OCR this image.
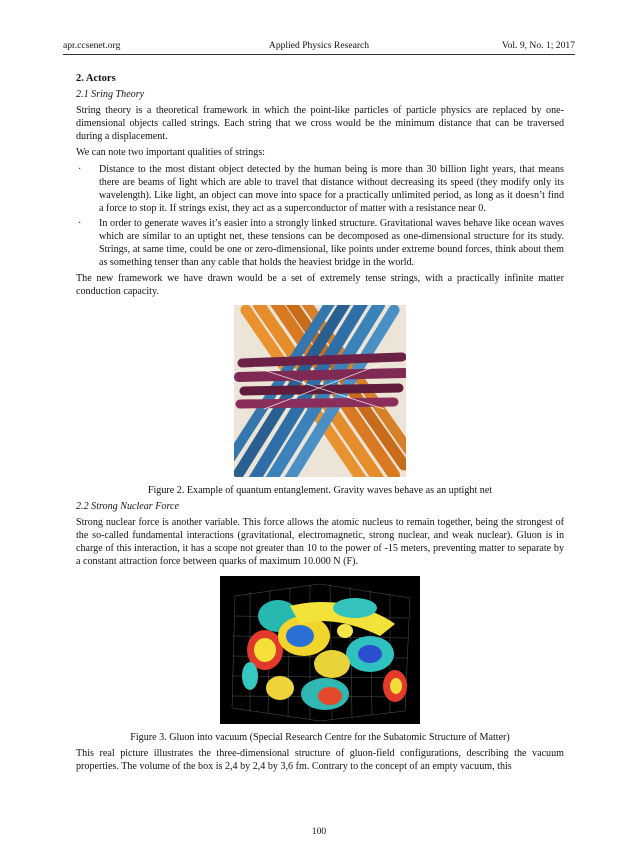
apr.ccsenet.org	Applied Physics Research	Vol. 9, No. 1; 2017
2. Actors
2.1 Sring Theory

String theory is a theoretical framework in which the point-like particles of particle physics are replaced by one-dimensional objects called strings. Each string that we cross would be the minimum distance that can be traversed during a displacement.

We can note two important qualities of strings:

· Distance to the most distant object detected by the human being is more than 30 billion light years, that means there are beams of light which are able to travel that distance without decreasing its speed (they modify only its wavelength). Like light, an object can move into space for a practically unlimited period, as long as it doesn’t find a force to stop it. If strings exist, they act as a superconductor of matter with a resistance near 0.
· In order to generate waves it’s easier into a strongly linked structure. Gravitational waves behave like ocean waves which are similar to an uptight net, these tensions can be decomposed as one-dimensional structure for its study. Strings, at same time, could be one or zero-dimensional, like points under extreme bound forces, think about them as something tenser than any cable that holds the heaviest bridge in the world.

The new framework we have drawn would be a set of extremely tense strings, with a practically infinite matter conduction capacity.

Figure 2. Example of quantum entanglement. Gravity waves behave as an uptight net

2.2 Strong Nuclear Force

Strong nuclear force is another variable. This force allows the atomic nucleus to remain together, being the strongest of the so-called fundamental interactions (gravitational, electromagnetic, strong nuclear, and weak nuclear). Gluon is in charge of this interaction, it has a scope not greater than 10 to the power of -15 meters, preventing matter to separate by a constant attraction force between quarks of maximum 10.000 N (F).

Figure 3. Gluon into vacuum (Special Research Centre for the Subatomic Structure of Matter)

This real picture illustrates the three-dimensional structure of gluon-field configurations, describing the vacuum properties. The volume of the box is 2,4 by 2,4 by 3,6 fm. Contrary to the concept of an empty vacuum, this

100
